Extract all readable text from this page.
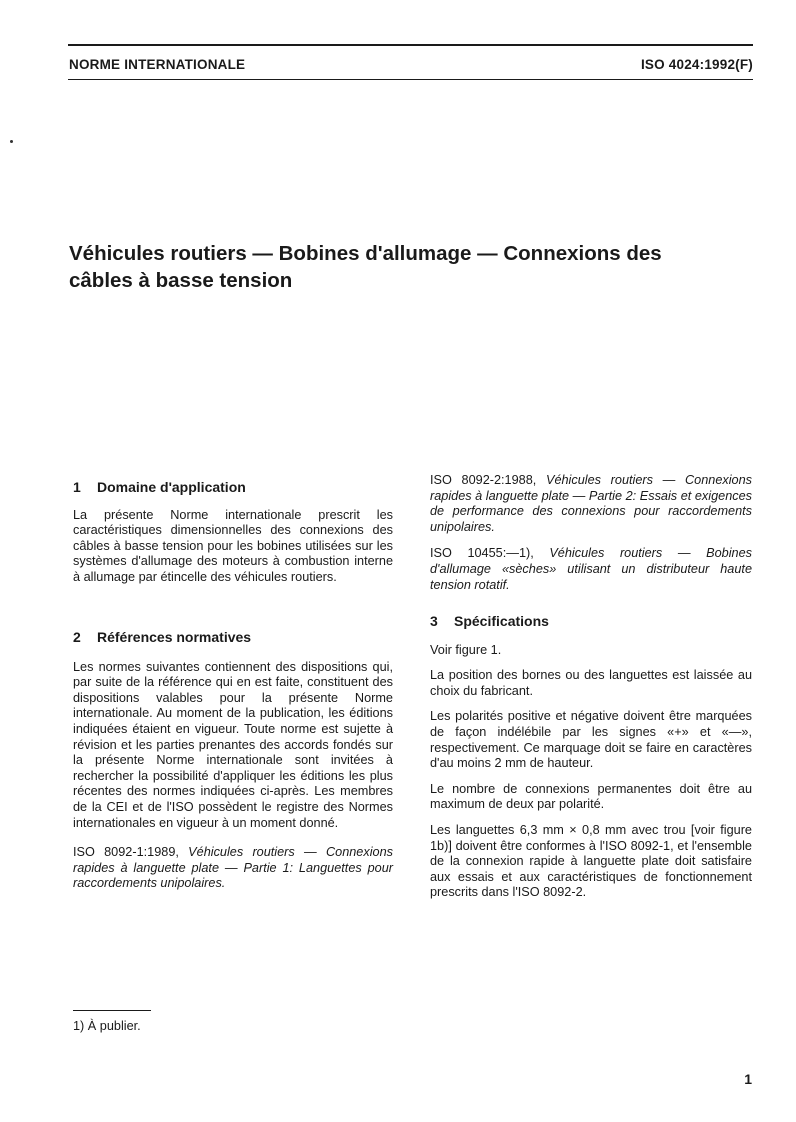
NORME INTERNATIONALE	ISO 4024:1992(F)
Véhicules routiers — Bobines d'allumage — Connexions des câbles à basse tension
1 Domaine d'application

La présente Norme internationale prescrit les caractéristiques dimensionnelles des connexions des câbles à basse tension pour les bobines utilisées sur les systèmes d'allumage des moteurs à combustion interne à allumage par étincelle des véhicules routiers.

2 Références normatives

Les normes suivantes contiennent des dispositions qui, par suite de la référence qui en est faite, constituent des dispositions valables pour la présente Norme internationale. Au moment de la publication, les éditions indiquées étaient en vigueur. Toute norme est sujette à révision et les parties prenantes des accords fondés sur la présente Norme internationale sont invitées à rechercher la possibilité d'appliquer les éditions les plus récentes des normes indiquées ci-après. Les membres de la CEI et de l'ISO possèdent le registre des Normes internationales en vigueur à un moment donné.

ISO 8092-1:1989, Véhicules routiers — Connexions rapides à languette plate — Partie 1: Languettes pour raccordements unipolaires.

ISO 8092-2:1988, Véhicules routiers — Connexions rapides à languette plate — Partie 2: Essais et exigences de performance des connexions pour raccordements unipolaires.

ISO 10455:—1), Véhicules routiers — Bobines d'allumage «sèches» utilisant un distributeur haute tension rotatif.

3 Spécifications

Voir figure 1.

La position des bornes ou des languettes est laissée au choix du fabricant.

Les polarités positive et négative doivent être marquées de façon indélébile par les signes «+» et «—», respectivement. Ce marquage doit se faire en caractères d'au moins 2 mm de hauteur.

Le nombre de connexions permanentes doit être au maximum de deux par polarité.

Les languettes 6,3 mm × 0,8 mm avec trou [voir figure 1b)] doivent être conformes à l'ISO 8092-1, et l'ensemble de la connexion rapide à languette plate doit satisfaire aux essais et aux caractéristiques de fonctionnement prescrits dans l'ISO 8092-2.

1) À publier.
1
